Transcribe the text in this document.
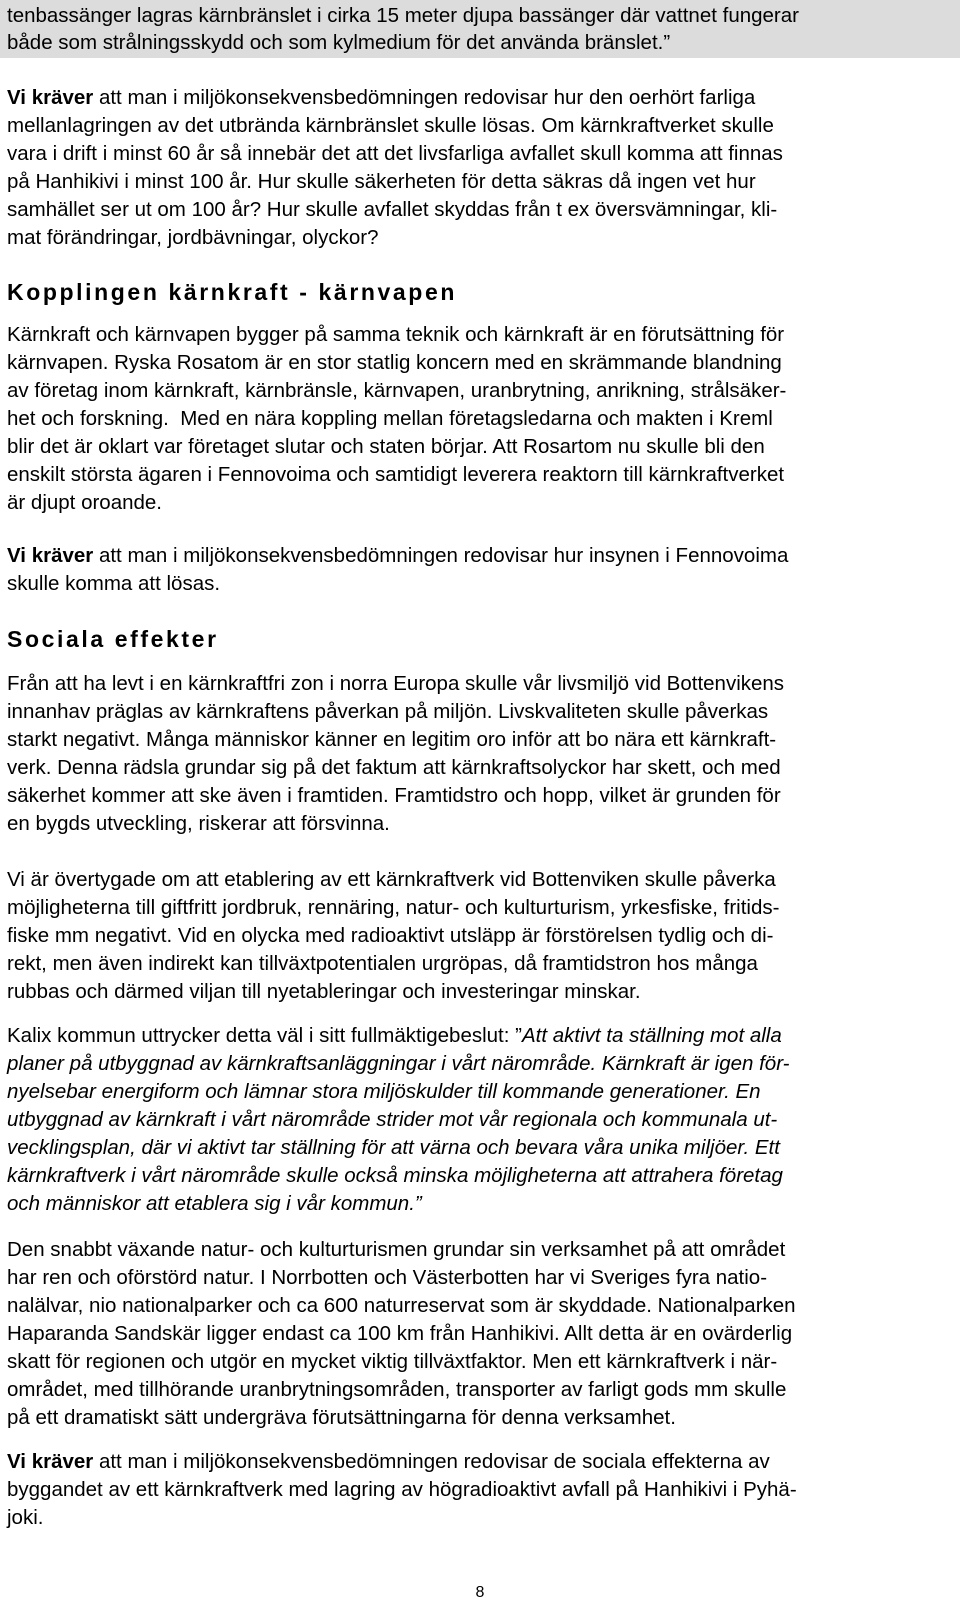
tenbassänger lagras kärnbränslet i cirka 15 meter djupa bassänger där vattnet fungerar
både som strålningsskydd och som kylmedium för det använda bränslet.”
Vi kräver att man i miljökonsekvensbedömningen redovisar hur den oerhört farliga
mellanlagringen av det utbrända kärnbränslet skulle lösas. Om kärnkraftverket skulle
vara i drift i minst 60 år så innebär det att det livsfarliga avfallet skull komma att finnas
på Hanhikivi i minst 100 år. Hur skulle säkerheten för detta säkras då ingen vet hur
samhället ser ut om 100 år? Hur skulle avfallet skyddas från t ex översvämningar, kli-
mat förändringar, jordbävningar, olyckor?
Kopplingen kärnkraft - kärnvapen
Kärnkraft och kärnvapen bygger på samma teknik och kärnkraft är en förutsättning för
kärnvapen. Ryska Rosatom är en stor statlig koncern med en skrämmande blandning
av företag inom kärnkraft, kärnbränsle, kärnvapen, uranbrytning, anrikning, strålsäker-
het och forskning.  Med en nära koppling mellan företagsledarna och makten i Kreml
blir det är oklart var företaget slutar och staten börjar. Att Rosartom nu skulle bli den
enskilt största ägaren i Fennovoima och samtidigt leverera reaktorn till kärnkraftverket
är djupt oroande.
Vi kräver att man i miljökonsekvensbedömningen redovisar hur insynen i Fennovoima
skulle komma att lösas.
Sociala effekter
Från att ha levt i en kärnkraftfri zon i norra Europa skulle vår livsmiljö vid Bottenvikens
innanhav präglas av kärnkraftens påverkan på miljön. Livskvaliteten skulle påverkas
starkt negativt. Många människor känner en legitim oro inför att bo nära ett kärnkraft-
verk. Denna rädsla grundar sig på det faktum att kärnkraftsolyckor har skett, och med
säkerhet kommer att ske även i framtiden. Framtidstro och hopp, vilket är grunden för
en bygds utveckling, riskerar att försvinna.
Vi är övertygade om att etablering av ett kärnkraftverk vid Bottenviken skulle påverka
möjligheterna till giftfritt jordbruk, rennäring, natur- och kulturturism, yrkesfiske, fritids-
fiske mm negativt. Vid en olycka med radioaktivt utsläpp är förstörelsen tydlig och di-
rekt, men även indirekt kan tillväxtpotentialen urgröpas, då framtidstron hos många
rubbas och därmed viljan till nyetableringar och investeringar minskar.
Kalix kommun uttrycker detta väl i sitt fullmäktigebeslut: ”Att aktivt ta ställning mot alla
planer på utbyggnad av kärnkraftsanläggningar i vårt närområde. Kärnkraft är igen för-
nyelsebar energiform och lämnar stora miljöskulder till kommande generationer. En
utbyggnad av kärnkraft i vårt närområde strider mot vår regionala och kommunala ut-
vecklingsplan, där vi aktivt tar ställning för att värna och bevara våra unika miljöer. Ett
kärnkraftverk i vårt närområde skulle också minska möjligheterna att attrahera företag
och människor att etablera sig i vår kommun.”
Den snabbt växande natur- och kulturturismen grundar sin verksamhet på att området
har ren och oförstörd natur. I Norrbotten och Västerbotten har vi Sveriges fyra natio-
nalälvar, nio nationalparker och ca 600 naturreservat som är skyddade. Nationalparken
Haparanda Sandskär ligger endast ca 100 km från Hanhikivi. Allt detta är en ovärderlig
skatt för regionen och utgör en mycket viktig tillväxtfaktor. Men ett kärnkraftverk i när-
området, med tillhörande uranbrytningsområden, transporter av farligt gods mm skulle
på ett dramatiskt sätt undergräva förutsättningarna för denna verksamhet.
Vi kräver att man i miljökonsekvensbedömningen redovisar de sociala effekterna av
byggandet av ett kärnkraftverk med lagring av högradioaktivt avfall på Hanhikivi i Pyhä-
joki.
8
